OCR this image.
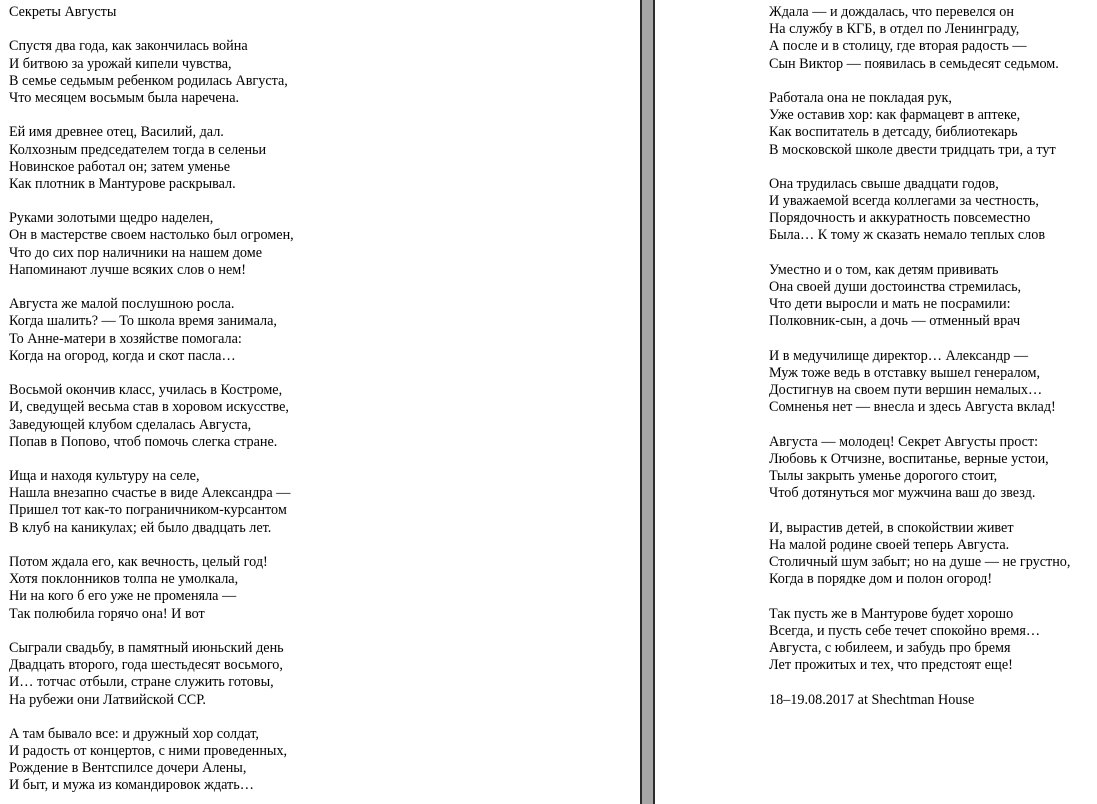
Секреты Августы
Спустя два года, как закончилась война
И битвою за урожай кипели чувства,
В семье седьмым ребенком родилась Августа,
Что месяцем восьмым была наречена.
Ей имя древнее отец, Василий, дал.
Колхозным председателем тогда в селеньи
Новинское работал он; затем уменье
Как плотник в Мантурове раскрывал.
Руками золотыми щедро наделен,
Он в мастерстве своем настолько был огромен,
Что до сих пор наличники на нашем доме
Напоминают лучше всяких слов о нем!
Августа же малой послушною росла.
Когда шалить? — То школа время занимала,
То Анне-матери в хозяйстве помогала:
Когда на огород, когда и скот пасла…
Восьмой окончив класс, училась в Костроме,
И, сведущей весьма став в хоровом искусстве,
Заведующей клубом сделалась Августа,
Попав в Попово, чтоб помочь слегка стране.
Ища и находя культуру на селе,
Нашла внезапно счастье в виде Александра —
Пришел тот как-то пограничником-курсантом
В клуб на каникулах; ей было двадцать лет.
Потом ждала его, как вечность, целый год!
Хотя поклонников толпа не умолкала,
Ни на кого б его уже не променяла —
Так полюбила горячо она! И вот
Сыграли свадьбу, в памятный июньский день
Двадцать второго, года шестьдесят восьмого,
И… тотчас отбыли, стране служить готовы,
На рубежи они Латвийской ССР.
А там бывало все: и дружный хор солдат,
И радость от концертов, с ними проведенных,
Рождение в Вентспилсе дочери Алены,
И быт, и мужа из командировок ждать…
Ждала — и дождалась, что перевелся он
На службу в КГБ, в отдел по Ленинграду,
А после и в столицу, где вторая радость —
Сын Виктор — появилась в семьдесят седьмом.
Работала она не покладая рук,
Уже оставив хор: как фармацевт в аптеке,
Как воспитатель в детсаду, библиотекарь
В московской школе двести тридцать три, а тут
Она трудилась свыше двадцати годов,
И уважаемой всегда коллегами за честность,
Порядочность и аккуратность повсеместно
Была… К тому ж сказать немало теплых слов
Уместно и о том, как детям прививать
Она своей души достоинства стремилась,
Что дети выросли и мать не посрамили:
Полковник-сын, а дочь — отменный врач
И в медучилище директор… Александр —
Муж тоже ведь в отставку вышел генералом,
Достигнув на своем пути вершин немалых…
Сомненья нет — внесла и здесь Августа вклад!
Августа — молодец! Секрет Августы прост:
Любовь к Отчизне, воспитанье, верные устои,
Тылы закрыть уменье дорогого стоит,
Чтоб дотянуться мог мужчина ваш до звезд.
И, вырастив детей, в спокойствии живет
На малой родине своей теперь Августа.
Столичный шум забыт; но на душе — не грустно,
Когда в порядке дом и полон огород!
Так пусть же в Мантурове будет хорошо
Всегда, и пусть себе течет спокойно время…
Августа, с юбилеем, и забудь про бремя
Лет прожитых и тех, что предстоят еще!
18–19.08.2017 at Shechtman House
